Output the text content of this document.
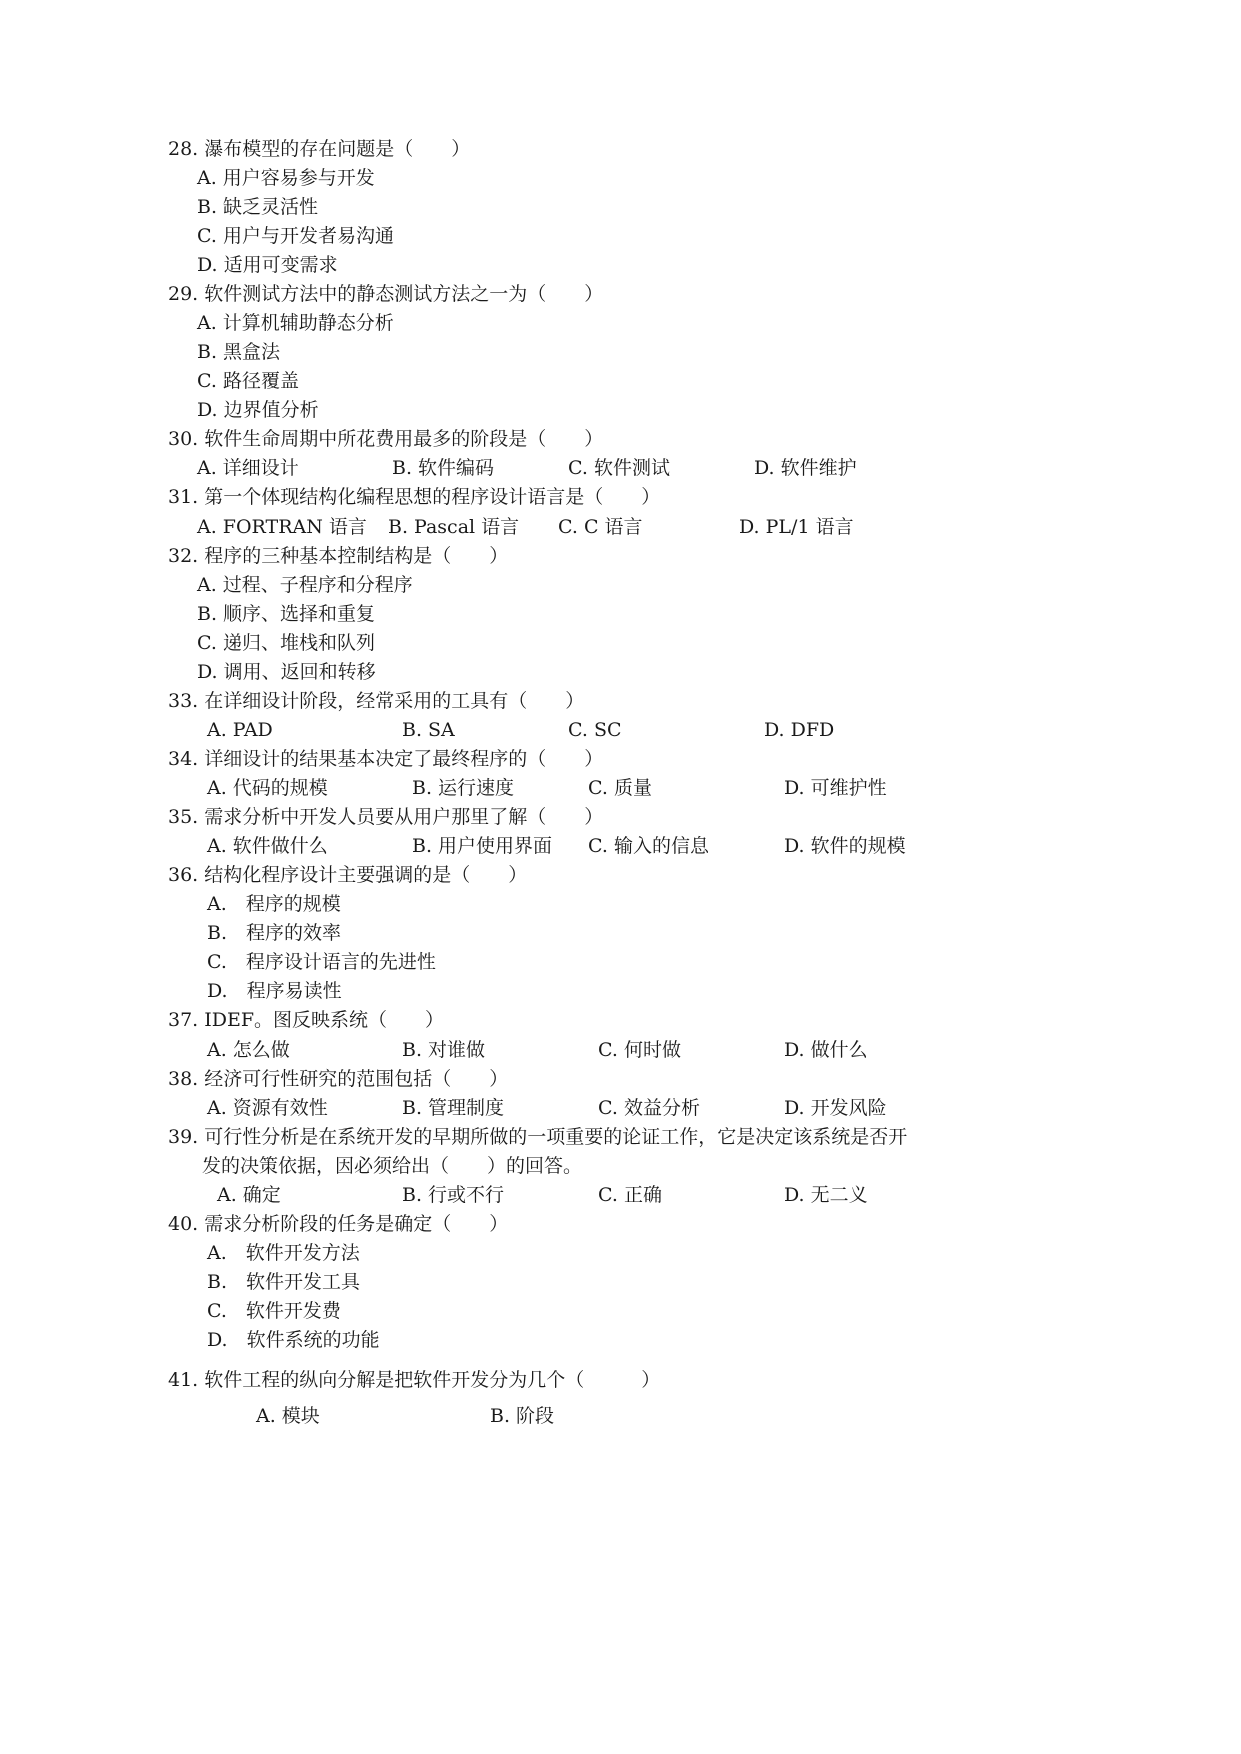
28. 瀑布模型的存在问题是（　　）
A. 用户容易参与开发
B. 缺乏灵活性
C. 用户与开发者易沟通
D. 适用可变需求
29. 软件测试方法中的静态测试方法之一为（　　）
A. 计算机辅助静态分析
B. 黑盒法
C. 路径覆盖
D. 边界值分析
30. 软件生命周期中所花费用最多的阶段是（　　）
A. 详细设计	B. 软件编码	C. 软件测试	D. 软件维护
31. 第一个体现结构化编程思想的程序设计语言是（　　）
A. FORTRAN 语言 B. Pascal 语言 C. C 语言	D. PL/1 语言
32. 程序的三种基本控制结构是（　　）
A. 过程、子程序和分程序
B. 顺序、选择和重复
C. 递归、堆栈和队列
D. 调用、返回和转移
33. 在详细设计阶段，经常采用的工具有（　　）
A. PAD	B. SA	C. SC	D. DFD
34. 详细设计的结果基本决定了最终程序的（　　）
A. 代码的规模	B. 运行速度	C. 质量	D. 可维护性
35. 需求分析中开发人员要从用户那里了解（　　）
A. 软件做什么	B. 用户使用界面 C. 输入的信息	D. 软件的规模
36. 结构化程序设计主要强调的是（　　）
A.　程序的规模
B.　程序的效率
C.　程序设计语言的先进性
D.　程序易读性
37. IDEF。图反映系统（　　）
A. 怎么做	B. 对谁做	C. 何时做	D. 做什么
38. 经济可行性研究的范围包括（　　）
A. 资源有效性	B. 管理制度	C. 效益分析	D. 开发风险
39. 可行性分析是在系统开发的早期所做的一项重要的论证工作，它是决定该系统是否开
发的决策依据，因必须给出（　　）的回答。
A. 确定	B. 行或不行	C. 正确	D. 无二义
40. 需求分析阶段的任务是确定（　　）
A.　软件开发方法
B.　软件开发工具
C.　软件开发费
D.　软件系统的功能
41. 软件工程的纵向分解是把软件开发分为几个（　　　）
A. 模块	B. 阶段
